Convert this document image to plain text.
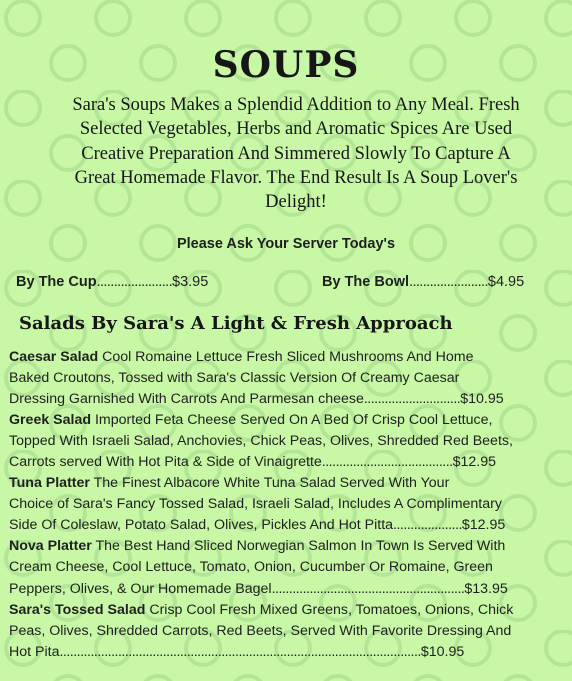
SOUPS
Sara's Soups Makes a Splendid Addition to Any Meal. Fresh
Selected Vegetables, Herbs and Aromatic Spices Are Used
Creative Preparation And Simmered Slowly To Capture A
Great Homemade Flavor. The End Result Is A Soup Lover's
Delight!
Please Ask Your Server Today's
By The Cup......................$3.95	By The Bowl.......................$4.95
Salads By Sara's A Light & Fresh Approach
Caesar Salad Cool Romaine Lettuce Fresh Sliced Mushrooms And Home
Baked Croutons, Tossed with Sara's Classic Version Of Creamy Caesar
Dressing Garnished With Carrots And Parmesan cheese............................$10.95
Greek Salad Imported Feta Cheese Served On A Bed Of Crisp Cool Lettuce,
Topped With Israeli Salad, Anchovies, Chick Peas, Olives, Shredded Red Beets,
Carrots served With Hot Pita & Side of Vinaigrette......................................$12.95
Tuna Platter The Finest Albacore White Tuna Salad Served With Your
Choice of Sara's Fancy Tossed Salad, Israeli Salad, Includes A Complimentary
Side Of Coleslaw, Potato Salad, Olives, Pickles And Hot Pitta....................$12.95
Nova Platter The Best Hand Sliced Norwegian Salmon In Town Is Served With
Cream Cheese, Cool Lettuce, Tomato, Onion, Cucumber Or Romaine, Green
Peppers, Olives, & Our Homemade Bagel........................................................$13.95
Sara's Tossed Salad Crisp Cool Fresh Mixed Greens, Tomatoes, Onions, Chick
Peas, Olives, Shredded Carrots, Red Beets, Served With Favorite Dressing And
Hot Pita.........................................................................................................$10.95
